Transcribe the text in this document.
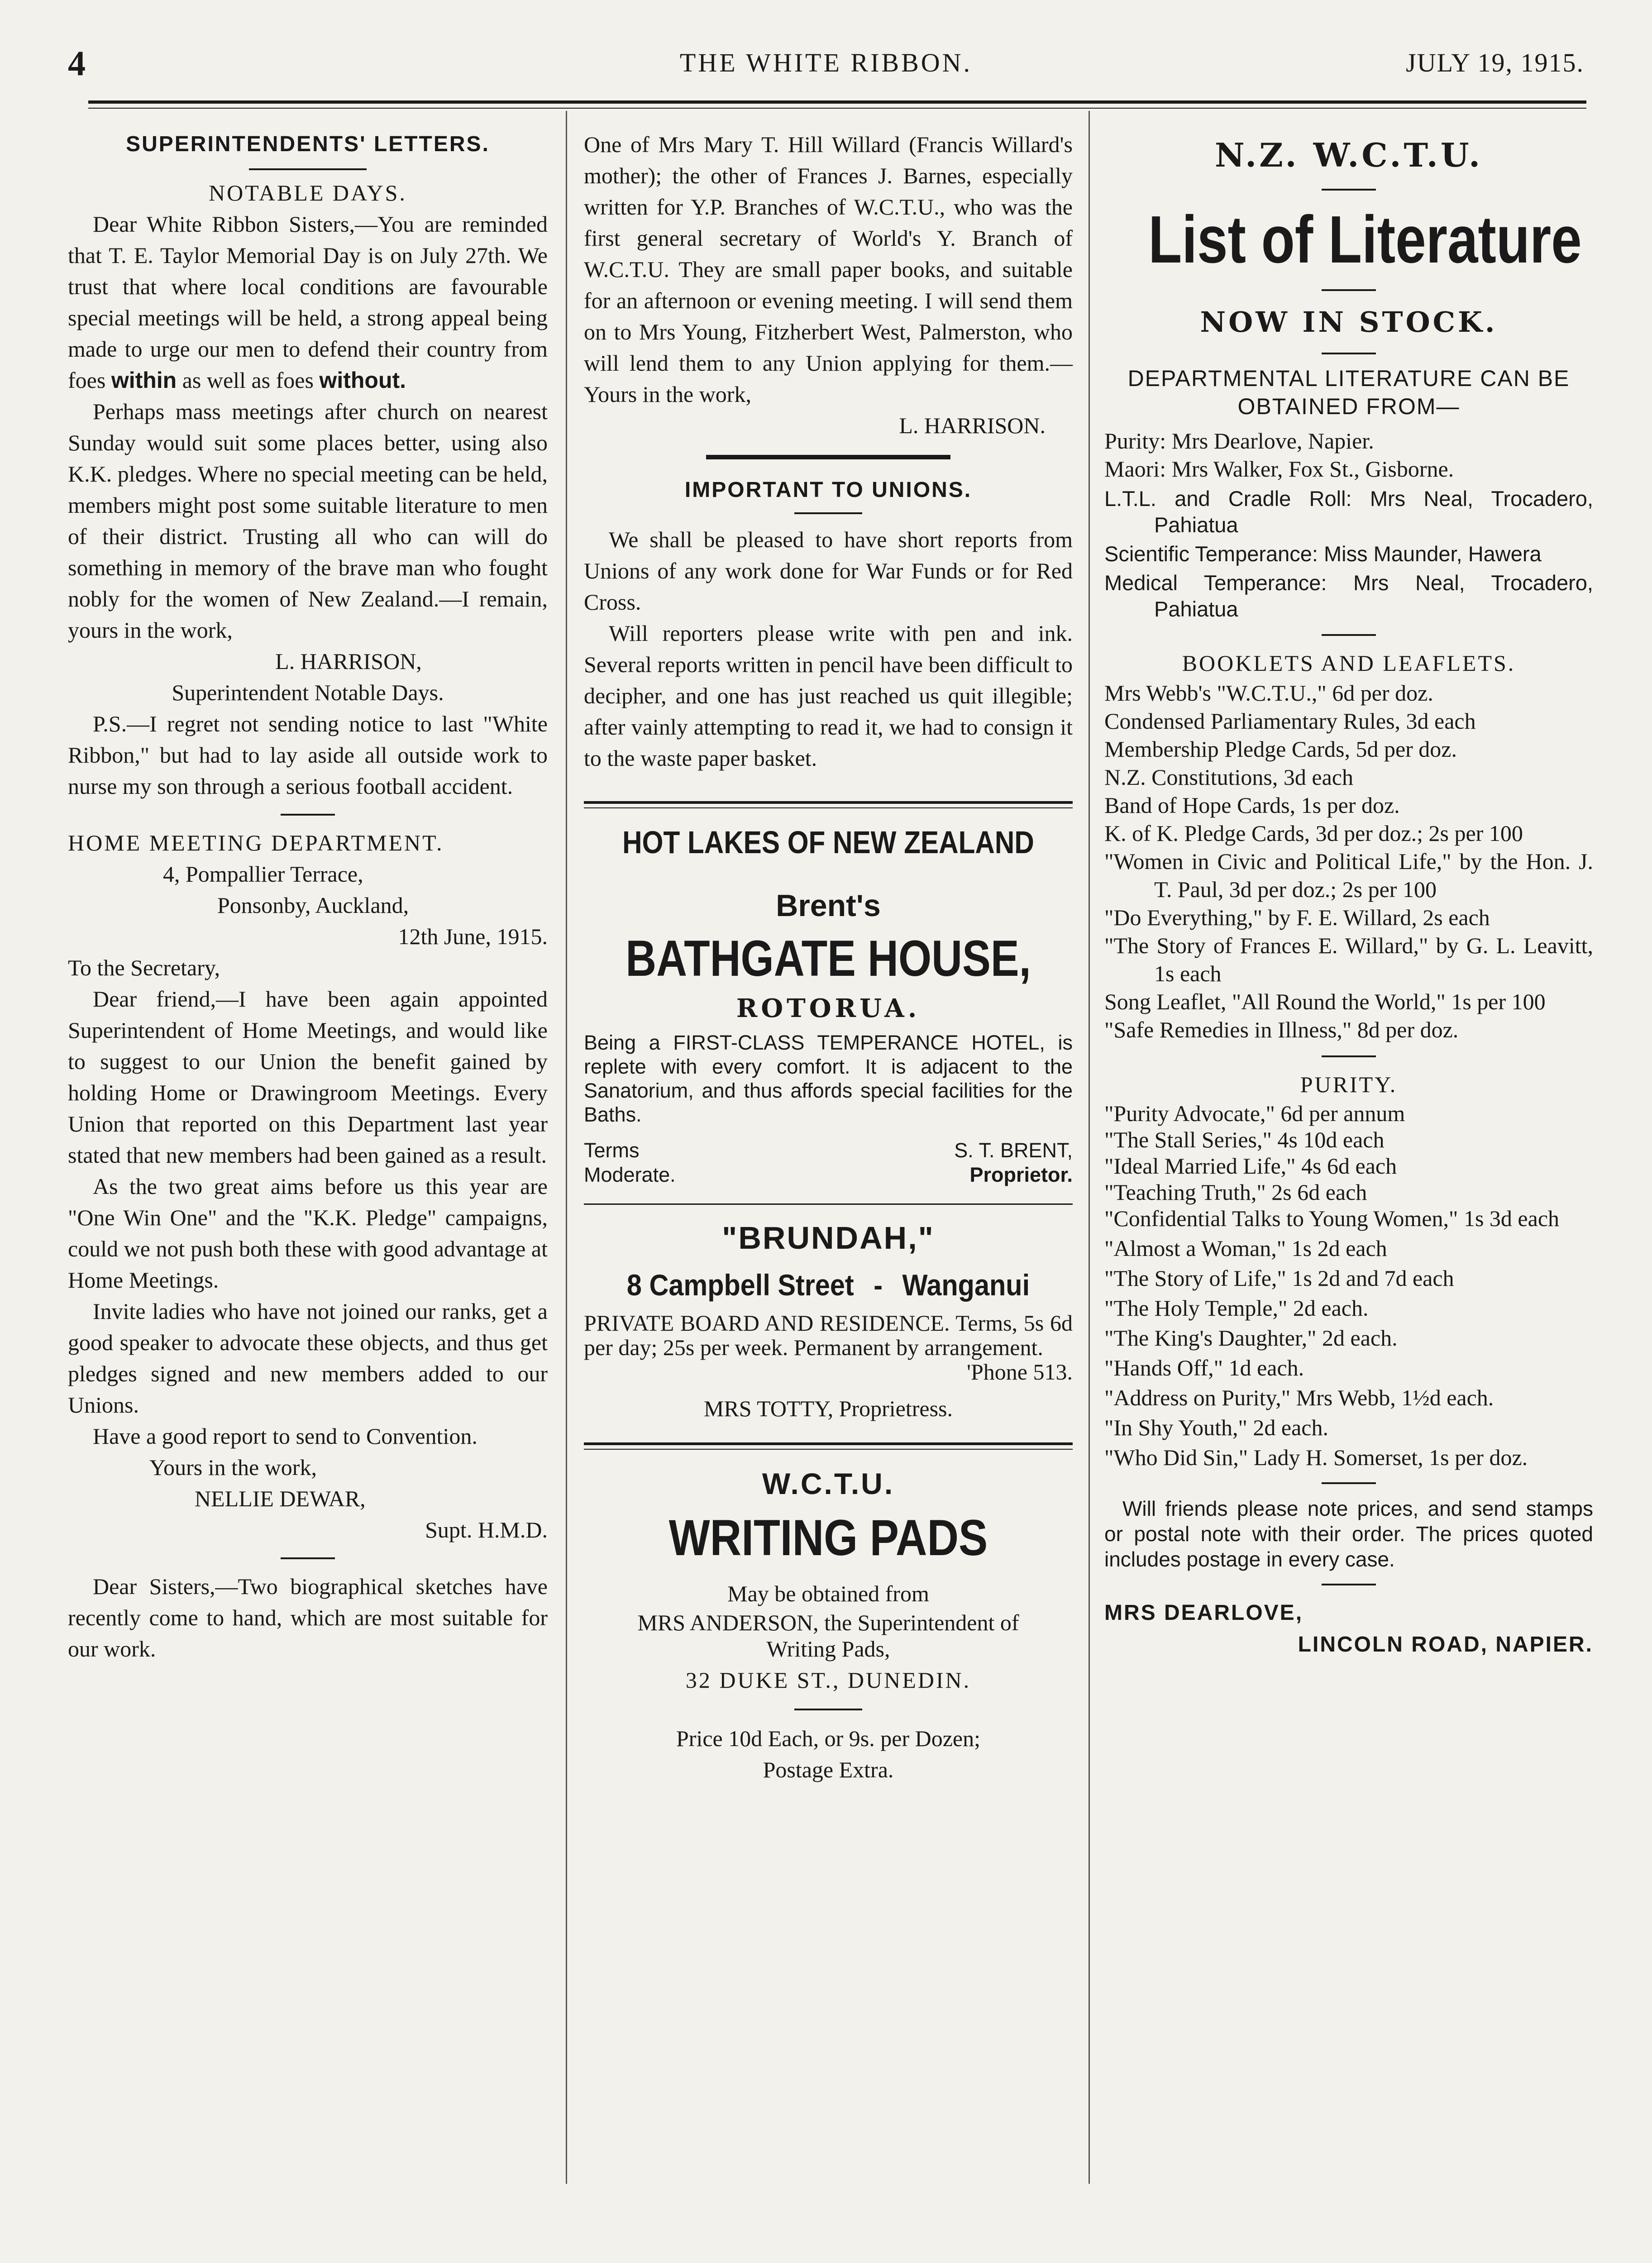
4	THE WHITE RIBBON.	JULY 19, 1915.
SUPERINTENDENTS' LETTERS.
NOTABLE DAYS.

Dear White Ribbon Sisters,—You are reminded that T. E. Taylor Memorial Day is on July 27th. We trust that where local conditions are favourable special meetings will be held, a strong appeal being made to urge our men to defend their country from foes within as well as foes without.

Perhaps mass meetings after church on nearest Sunday would suit some places better, using also K.K. pledges. Where no special meeting can be held, members might post some suitable literature to men of their district. Trusting all who can will do something in memory of the brave man who fought nobly for the women of New Zealand.—I remain, yours in the work,

L. HARRISON,
Superintendent Notable Days.

P.S.—I regret not sending notice to last "White Ribbon," but had to lay aside all outside work to nurse my son through a serious football accident.

HOME MEETING DEPARTMENT.
4, Pompallier Terrace,
Ponsonby, Auckland,
12th June, 1915.
To the Secretary,

Dear friend,—I have been again appointed Superintendent of Home Meetings, and would like to suggest to our Union the benefit gained by holding Home or Drawingroom Meetings. Every Union that reported on this Department last year stated that new members had been gained as a result.

As the two great aims before us this year are "One Win One" and the "K.K. Pledge" campaigns, could we not push both these with good advantage at Home Meetings.

Invite ladies who have not joined our ranks, get a good speaker to advocate these objects, and thus get pledges signed and new members added to our Unions.

Have a good report to send to Convention.

Yours in the work,
NELLIE DEWAR,
Supt. H.M.D.

Dear Sisters,—Two biographical sketches have recently come to hand, which are most suitable for our work.

One of Mrs Mary T. Hill Willard (Francis Willard's mother); the other of Frances J. Barnes, especially written for Y.P. Branches of W.C.T.U., who was the first general secretary of World's Y. Branch of W.C.T.U. They are small paper books, and suitable for an afternoon or evening meeting. I will send them on to Mrs Young, Fitzherbert West, Palmerston, who will lend them to any Union applying for them.—Yours in the work,

L. HARRISON.
IMPORTANT TO UNIONS.

We shall be pleased to have short reports from Unions of any work done for War Funds or for Red Cross.

Will reporters please write with pen and ink. Several reports written in pencil have been difficult to decipher, and one has just reached us quit illegible; after vainly attempting to read it, we had to consign it to the waste paper basket.

HOT LAKES OF NEW ZEALAND
Brent's
BATHGATE HOUSE,
ROTORUA.

Being a FIRST-CLASS TEMPERANCE HOTEL, is replete with every comfort. It is adjacent to the Sanatorium, and thus affords special facilities for the Baths.

Terms
Moderate.
S. T. BRENT,
Proprietor.
"BRUNDAH,"
8 Campbell Street - Wanganui

PRIVATE BOARD AND RESIDENCE. Terms, 5s 6d per day; 25s per week. Permanent by arrangement.

'Phone 513.
MRS TOTTY, Proprietress.
W.C.T.U.
WRITING PADS
May be obtained from
MRS ANDERSON, the Superintendent of Writing Pads,
32 DUKE ST., DUNEDIN.
Price 10d Each, or 9s. per Dozen;
Postage Extra.
N.Z. W.C.T.U.
List of Literature
NOW IN STOCK.
DEPARTMENTAL LITERATURE CAN BE OBTAINED FROM—
Purity: Mrs Dearlove, Napier.
Maori: Mrs Walker, Fox St., Gisborne.
L.T.L. and Cradle Roll: Mrs Neal, Trocadero, Pahiatua
Scientific Temperance: Miss Maunder, Hawera
Medical Temperance: Mrs Neal, Trocadero, Pahiatua
BOOKLETS AND LEAFLETS.
Mrs Webb's "W.C.T.U.," 6d per doz.
Condensed Parliamentary Rules, 3d each
Membership Pledge Cards, 5d per doz.
N.Z. Constitutions, 3d each
Band of Hope Cards, 1s per doz.
K. of K. Pledge Cards, 3d per doz.; 2s per 100
"Women in Civic and Political Life," by the Hon. J. T. Paul, 3d per doz.; 2s per 100
"Do Everything," by F. E. Willard, 2s each
"The Story of Frances E. Willard," by G. L. Leavitt, 1s each
Song Leaflet, "All Round the World," 1s per 100
"Safe Remedies in Illness," 8d per doz.
PURITY.
"Purity Advocate," 6d per annum
"The Stall Series," 4s 10d each
"Ideal Married Life," 4s 6d each
"Teaching Truth," 2s 6d each
"Confidential Talks to Young Women," 1s 3d each
"Almost a Woman," 1s 2d each
"The Story of Life," 1s 2d and 7d each
"The Holy Temple," 2d each.
"The King's Daughter," 2d each.
"Hands Off," 1d each.
"Address on Purity," Mrs Webb, 1½d each.
"In Shy Youth," 2d each.
"Who Did Sin," Lady H. Somerset, 1s per doz.

Will friends please note prices, and send stamps or postal note with their order. The prices quoted includes postage in every case.

MRS DEARLOVE,
LINCOLN ROAD, NAPIER.
